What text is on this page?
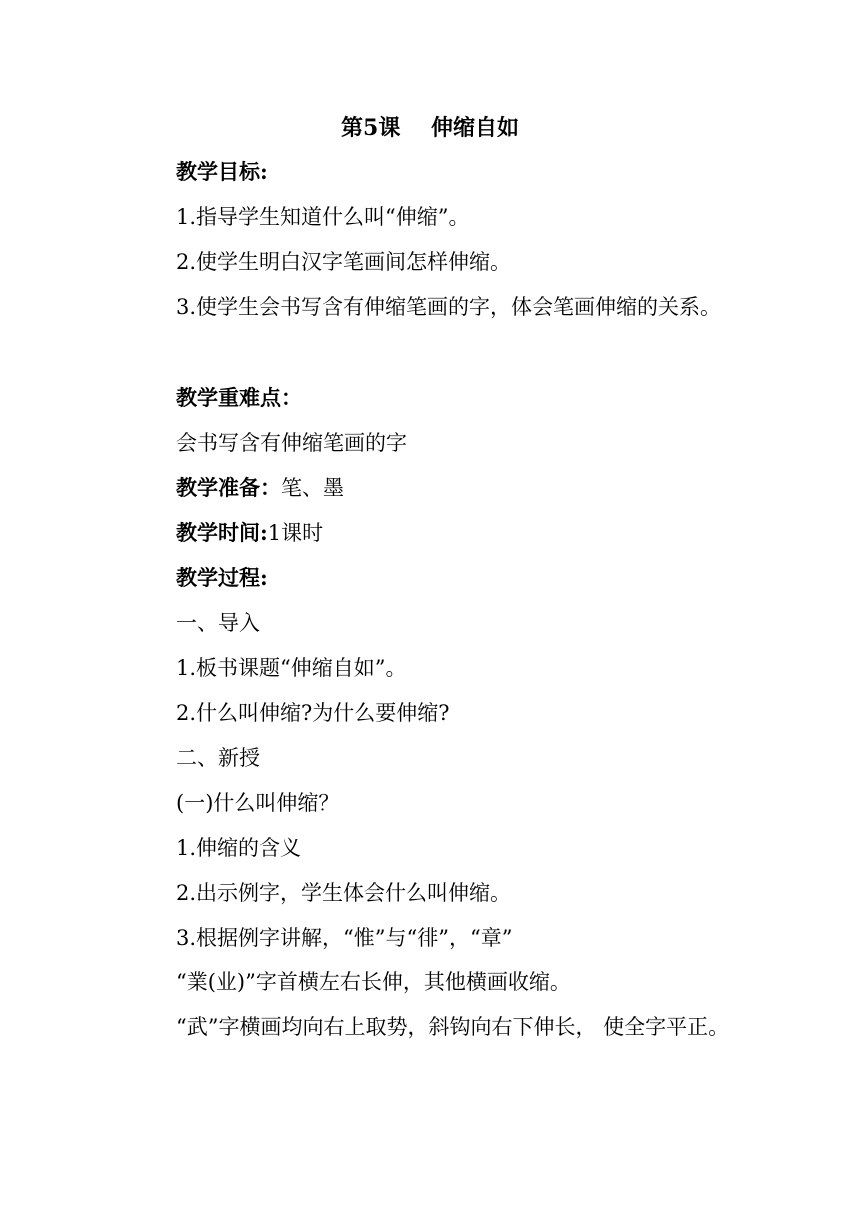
第5课    伸缩自如
教学目标:
1.指导学生知道什么叫“伸缩”。
2.使学生明白汉字笔画间怎样伸缩。
3.使学生会书写含有伸缩笔画的字，体会笔画伸缩的关系。
教学重难点：
会书写含有伸缩笔画的字
教学准备：笔、墨
教学时间:1课时
教学过程:
一、导入
1.板书课题“伸缩自如”。
2.什么叫伸缩?为什么要伸缩?
二、新授
(一)什么叫伸缩？
1.伸缩的含义
2.出示例字，学生体会什么叫伸缩。
3.根据例字讲解，“惟”与“徘”，“章”
“業(业)”字首横左右长伸，其他横画收缩。
“武”字横画均向右上取势，斜钩向右下伸长， 使全字平正。
